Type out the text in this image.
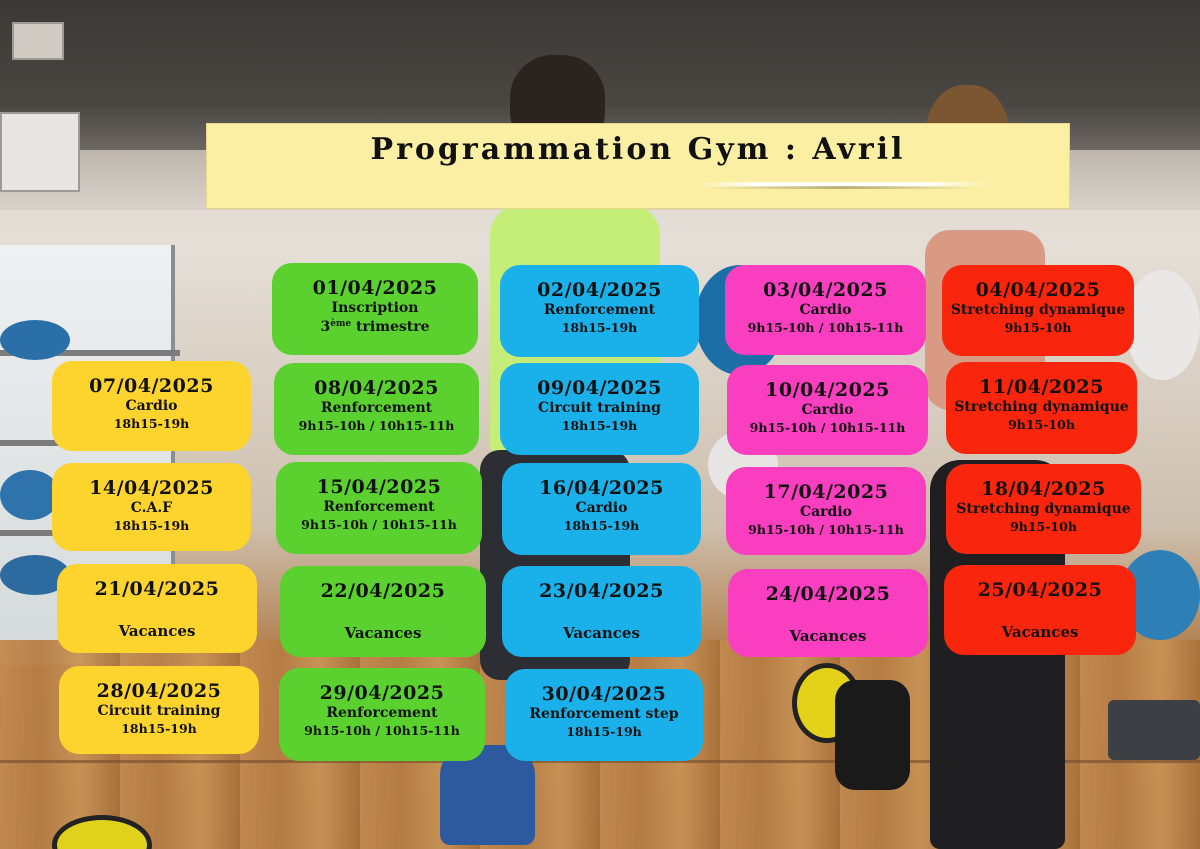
Programmation Gym : Avril
01/04/2025
Inscription
3ème trimestre
02/04/2025
Renforcement
18h15-19h
03/04/2025
Cardio
9h15-10h / 10h15-11h
04/04/2025
Stretching dynamique
9h15-10h
07/04/2025
Cardio
18h15-19h
08/04/2025
Renforcement
9h15-10h / 10h15-11h
09/04/2025
Circuit training
18h15-19h
10/04/2025
Cardio
9h15-10h / 10h15-11h
11/04/2025
Stretching dynamique
9h15-10h
14/04/2025
C.A.F
18h15-19h
15/04/2025
Renforcement
9h15-10h / 10h15-11h
16/04/2025
Cardio
18h15-19h
17/04/2025
Cardio
9h15-10h / 10h15-11h
18/04/2025
Stretching dynamique
9h15-10h
21/04/2025
Vacances
22/04/2025
Vacances
23/04/2025
Vacances
24/04/2025
Vacances
25/04/2025
Vacances
28/04/2025
Circuit training
18h15-19h
29/04/2025
Renforcement
9h15-10h / 10h15-11h
30/04/2025
Renforcement step
18h15-19h
